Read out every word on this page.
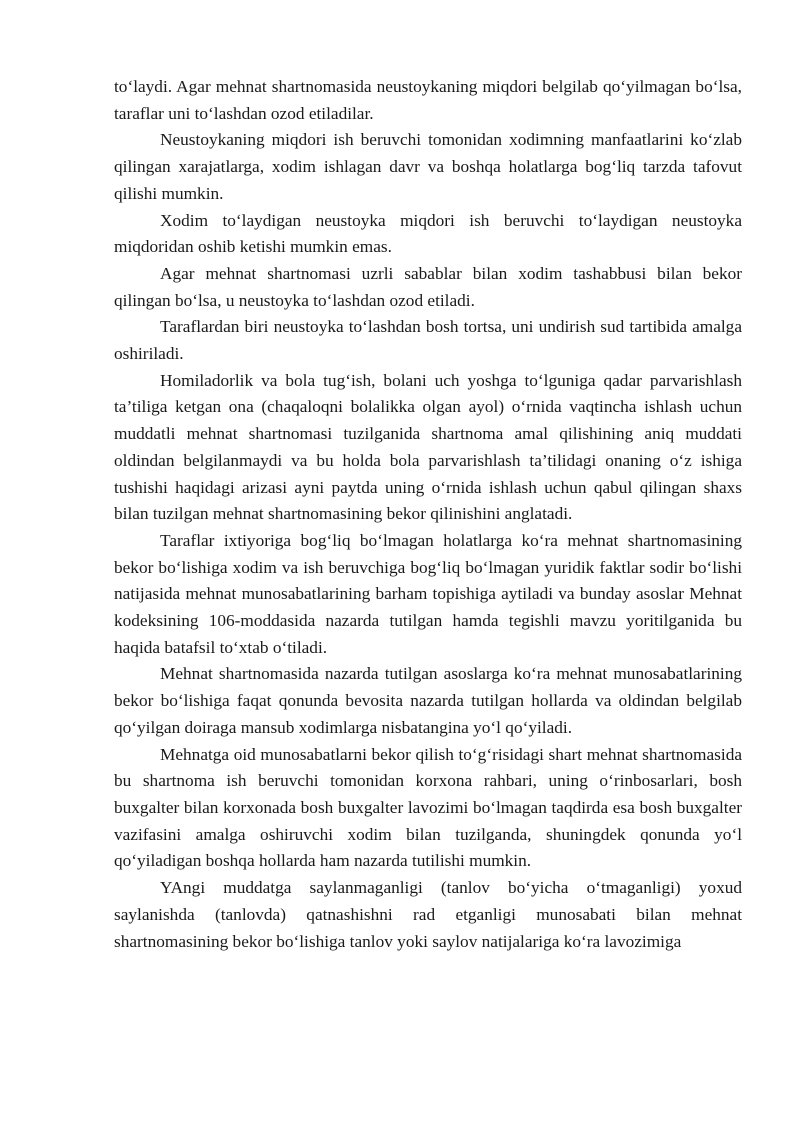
to‘laydi. Agar mehnat shartnomasida neustoykaning miqdori belgilab qo‘yilmagan bo‘lsa, taraflar uni to‘lashdan ozod etiladilar.

Neustoykaning miqdori ish beruvchi tomonidan xodimning manfaatlarini ko‘zlab qilingan xarajatlarga, xodim ishlagan davr va boshqa holatlarga bog‘liq tarzda tafovut qilishi mumkin.

Xodim to‘laydigan neustoyka miqdori ish beruvchi to‘laydigan neustoyka miqdoridan oshib ketishi mumkin emas.

Agar mehnat shartnomasi uzrli sabablar bilan xodim tashabbusi bilan bekor qilingan bo‘lsa, u neustoyka to‘lashdan ozod etiladi.

Taraflardan biri neustoyka to‘lashdan bosh tortsa, uni undirish sud tartibida amalga oshiriladi.

Homiladorlik va bola tug‘ish, bolani uch yoshga to‘lguniga qadar parvarishlash ta’tiliga ketgan ona (chaqaloqni bolalikka olgan ayol) o‘rnida vaqtincha ishlash uchun muddatli mehnat shartnomasi tuzilganida shartnoma amal qilishining aniq muddati oldindan belgilanmaydi va bu holda bola parvarishlash ta’tilidagi onaning o‘z ishiga tushishi haqidagi arizasi ayni paytda uning o‘rnida ishlash uchun qabul qilingan shaxs bilan tuzilgan mehnat shartnomasining bekor qilinishini anglatadi.

Taraflar ixtiyoriga bog‘liq bo‘lmagan holatlarga ko‘ra mehnat shartnomasining bekor bo‘lishiga xodim va ish beruvchiga bog‘liq bo‘lmagan yuridik faktlar sodir bo‘lishi natijasida mehnat munosabatlarining barham topishiga aytiladi va bunday asoslar Mehnat kodeksining 106-moddasida nazarda tutilgan hamda tegishli mavzu yoritilganida bu haqida batafsil to‘xtab o‘tiladi.

Mehnat shartnomasida nazarda tutilgan asoslarga ko‘ra mehnat munosabatlarining bekor bo‘lishiga faqat qonunda bevosita nazarda tutilgan hollarda va oldindan belgilab qo‘yilgan doiraga mansub xodimlarga nisbatangina yo‘l qo‘yiladi.

Mehnatga oid munosabatlarni bekor qilish to‘g‘risidagi shart mehnat shartnomasida bu shartnoma ish beruvchi tomonidan korxona rahbari, uning o‘rinbosarlari, bosh buxgalter bilan korxonada bosh buxgalter lavozimi bo‘lmagan taqdirda esa bosh buxgalter vazifasini amalga oshiruvchi xodim bilan tuzilganda, shuningdek qonunda yo‘l qo‘yiladigan boshqa hollarda ham nazarda tutilishi mumkin.

YAngi muddatga saylanmaganligi (tanlov bo‘yicha o‘tmaganligi) yoxud saylanishda (tanlovda) qatnashishni rad etganligi munosabati bilan mehnat shartnomasining bekor bo‘lishiga tanlov yoki saylov natijalariga ko‘ra lavozimiga
